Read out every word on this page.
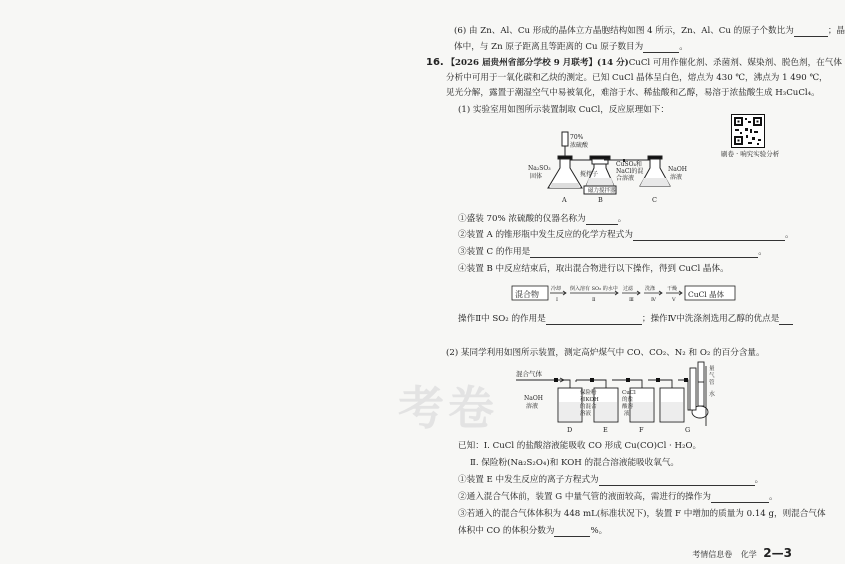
(6) 由 Zn、Al、Cu 形成的晶体立方晶胞结构如图 4 所示，Zn、Al、Cu 的原子个数比为	；晶
体中，与 Zn 原子距离且等距离的 Cu 原子数目为	。
16. 【2026 届贵州省部分学校 9 月联考】(14 分)CuCl 可用作催化剂、杀菌剂、媒染剂、脱色剂，在气体
分析中可用于一氧化碳和乙炔的测定。已知 CuCl 晶体呈白色，熔点为 430 ℃，沸点为 1 490 ℃，
见光分解，露置于潮湿空气中易被氧化，难溶于水、稀盐酸和乙醇，易溶于浓盐酸生成 H₃CuCl₄。
(1) 实验室用如图所示装置制取 CuCl，反应原理如下：
刷卷 · 响究实验分析
70%
浓硫酸
Na₂SO₃
固体	搅拌子
CuSO₄和
NaCl的混
合溶液
磁力搅拌器
NaOH
溶液
A	B	C
①盛装 70% 浓硫酸的仪器名称为	。
②装置 A 的锥形瓶中发生反应的化学方程式为	。
③装置 C 的作用是	。
④装置 B 中反应结束后，取出混合物进行以下操作，得到 CuCl 晶体。
混合物
冷却
Ⅰ
倒入溶有 SO₂ 的水中
Ⅱ
过滤
Ⅲ
洗涤
Ⅳ
干燥
Ⅴ
CuCl 晶体
操作Ⅱ中 SO₂ 的作用是	；操作Ⅳ中洗涤剂选用乙醇的优点是
(2) 某同学利用如图所示装置，测定高炉煤气中 CO、CO₂、N₂ 和 O₂ 的百分含量。
考卷
混合气体
NaOH
溶液
保险粉
和KOH
的混合
溶液
CuCl
的盐
酸溶
液
量
气
管
水
D	E	F	G
已知：Ⅰ. CuCl 的盐酸溶液能吸收 CO 形成 Cu(CO)Cl · H₂O。
Ⅱ. 保险粉(Na₂S₂O₄)和 KOH 的混合溶液能吸收氧气。
①装置 E 中发生反应的离子方程式为	。
②通入混合气体前，装置 G 中量气管的液面较高，需进行的操作为	。
③若通入的混合气体体积为 448 mL(标准状况下)，装置 F 中增加的质量为 0.14 g，则混合气体
体积中 CO 的体积分数为	%。
考情信息卷 化学 2—3
